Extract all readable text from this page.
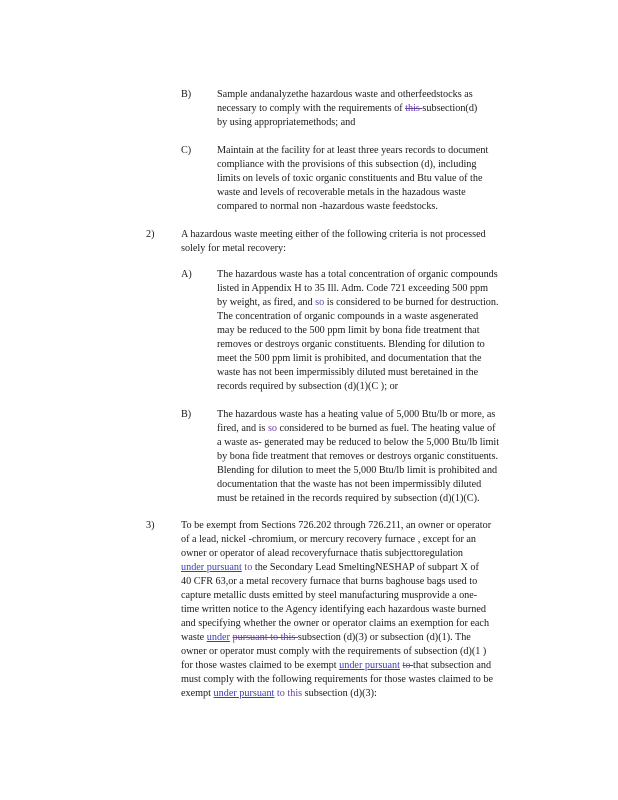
B)	Sample andanalyzethe hazardous waste and otherfeedstocks as
necessary to comply with the requirements of this subsection(d)
by using appropriatemethods; and
C)	Maintain at the facility for at least three years records to document
compliance with the provisions of this subsection (d), including
limits on levels of toxic organic constituents and Btu value of the
waste and levels of recoverable metals in the hazadous waste
compared to normal non -hazardous waste feedstocks.
2)	A hazardous waste meeting either of the following criteria is not processed
solely for metal recovery:
A) The hazardous waste has a total concentration of organic compounds
listed in Appendix H to 35 Ill. Adm. Code 721 exceeding 500 ppm
by weight, as fired, and so is considered to be burned for destruction.
The concentration of organic compounds in a waste asgenerated
may be reduced to the 500 ppm limit by bona fide treatment that
removes or destroys organic constituents. Blending for dilution to
meet the 500 ppm limit is prohibited, and documentation that the
waste has not been impermissibly diluted must beretained in the
records required by subsection (d)(1)(C ); or
B)	The hazardous waste has a heating value of 5,000 Btu/lb or more, as
fired, and is so considered to be burned as fuel. The heating value of
a waste as- generated may be reduced to below the 5,000 Btu/lb limit
by bona fide treatment that removes or destroys organic constituents.
Blending for dilution to meet the 5,000 Btu/lb limit is prohibited and
documentation that the waste has not been impermissibly diluted
must be retained in the records required by subsection (d)(1)(C).
3)	To be exempt from Sections 726.202 through 726.211, an owner or operator
of a lead, nickel -chromium, or mercury recovery furnace , except for an
owner or operator of alead recoveryfurnace thatis subjecttoregulation
under pursuant to the Secondary Lead SmeltingNESHAP of subpart X of
40 CFR 63,or a metal recovery furnace that burns baghouse bags used to
capture metallic dusts emitted by steel manufacturing musprovide a one-
time written notice to the Agency identifying each hazardous waste burned
and specifying whether the owner or operator claims an exemption for each
waste under pursuant to this subsection (d)(3) or subsection (d)(1). The
owner or operator must comply with the requirements of subsection (d)(1 )
for those wastes claimed to be exempt under pursuant to that subsection and
must comply with the following requirements for those wastes claimed to be
exempt under pursuant to this subsection (d)(3):
